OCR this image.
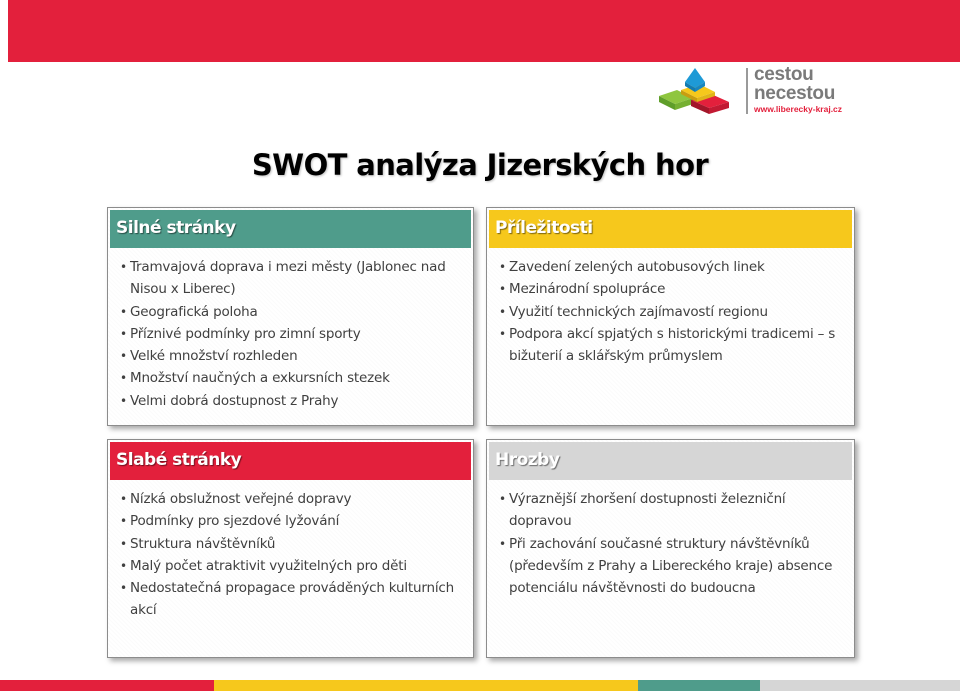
cestou
necestou
www.liberecky-kraj.cz
SWOT analýza Jizerských hor
Silné stránky
• Tramvajová doprava i mezi městy (Jablonec nad Nisou x Liberec)
• Geografická poloha
• Příznivé podmínky pro zimní sporty
• Velké množství rozhleden
• Množství naučných a exkursních stezek
• Velmi dobrá dostupnost z Prahy
Příležitosti
• Zavedení zelených autobusových linek
• Mezinárodní spolupráce
• Využití technických zajímavostí regionu
• Podpora akcí spjatých s historickými tradicemi – s bižuterií a sklářským průmyslem
Slabé stránky
• Nízká obslužnost veřejné dopravy
• Podmínky pro sjezdové lyžování
• Struktura návštěvníků
• Malý počet atraktivit využitelných pro děti
• Nedostatečná propagace prováděných kulturních akcí
Hrozby
• Výraznější zhoršení dostupnosti železniční dopravou
• Při zachování současné struktury návštěvníků (především z Prahy a Libereckého kraje) absence potenciálu návštěvnosti do budoucna
